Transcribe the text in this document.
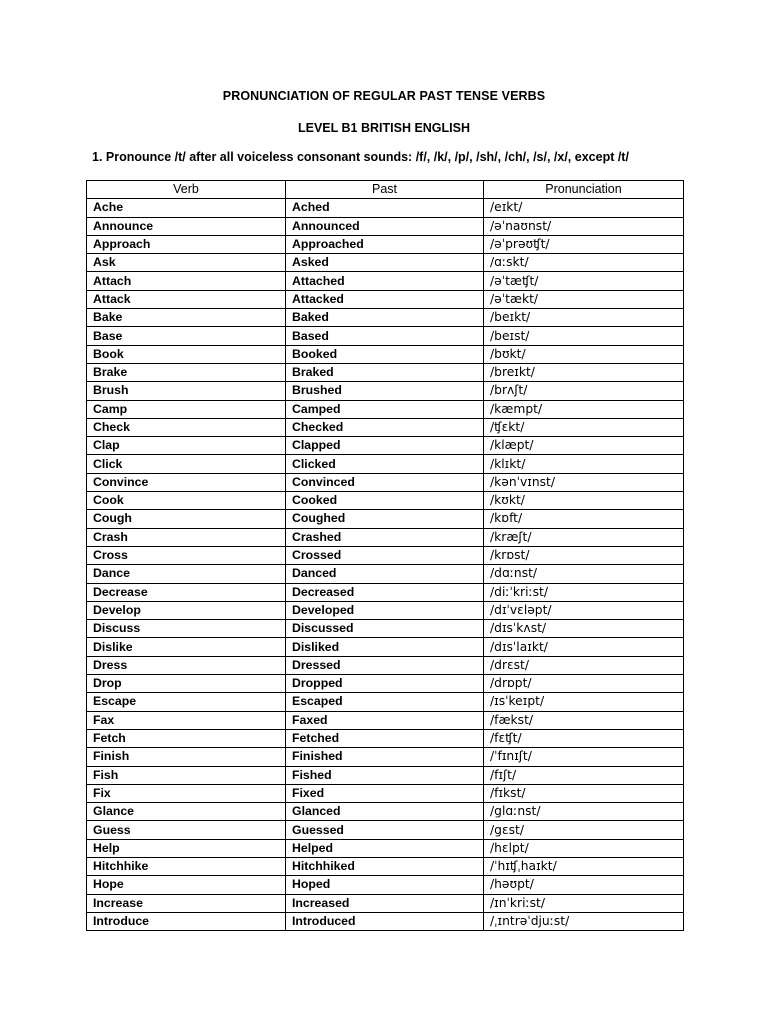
PRONUNCIATION OF REGULAR PAST TENSE VERBS
LEVEL B1 BRITISH ENGLISH
1. Pronounce /t/ after all voiceless consonant sounds: /f/, /k/, /p/, /sh/, /ch/, /s/, /x/, except /t/
Verb	Past	Pronunciation
Ache	Ached	/eɪkt/
Announce	Announced	/əˈnaʊnst/
Approach	Approached	/əˈprəʊʧt/
Ask	Asked	/ɑːskt/
Attach	Attached	/əˈtæʧt/
Attack	Attacked	/əˈtækt/
Bake	Baked	/beɪkt/
Base	Based	/beɪst/
Book	Booked	/bʊkt/
Brake	Braked	/breɪkt/
Brush	Brushed	/brʌʃt/
Camp	Camped	/kæmpt/
Check	Checked	/ʧɛkt/
Clap	Clapped	/klæpt/
Click	Clicked	/klɪkt/
Convince	Convinced	/kənˈvɪnst/
Cook	Cooked	/kʊkt/
Cough	Coughed	/kɒft/
Crash	Crashed	/kræʃt/
Cross	Crossed	/krɒst/
Dance	Danced	/dɑːnst/
Decrease	Decreased	/diːˈkriːst/
Develop	Developed	/dɪˈvɛləpt/
Discuss	Discussed	/dɪsˈkʌst/
Dislike	Disliked	/dɪsˈlaɪkt/
Dress	Dressed	/drɛst/
Drop	Dropped	/drɒpt/
Escape	Escaped	/ɪsˈkeɪpt/
Fax	Faxed	/fækst/
Fetch	Fetched	/fɛʧt/
Finish	Finished	/ˈfɪnɪʃt/
Fish	Fished	/fɪʃt/
Fix	Fixed	/fɪkst/
Glance	Glanced	/glɑːnst/
Guess	Guessed	/gɛst/
Help	Helped	/hɛlpt/
Hitchhike	Hitchhiked	/ˈhɪʧˌhaɪkt/
Hope	Hoped	/həʊpt/
Increase	Increased	/ɪnˈkriːst/
Introduce	Introduced	/ˌɪntrəˈdjuːst/
